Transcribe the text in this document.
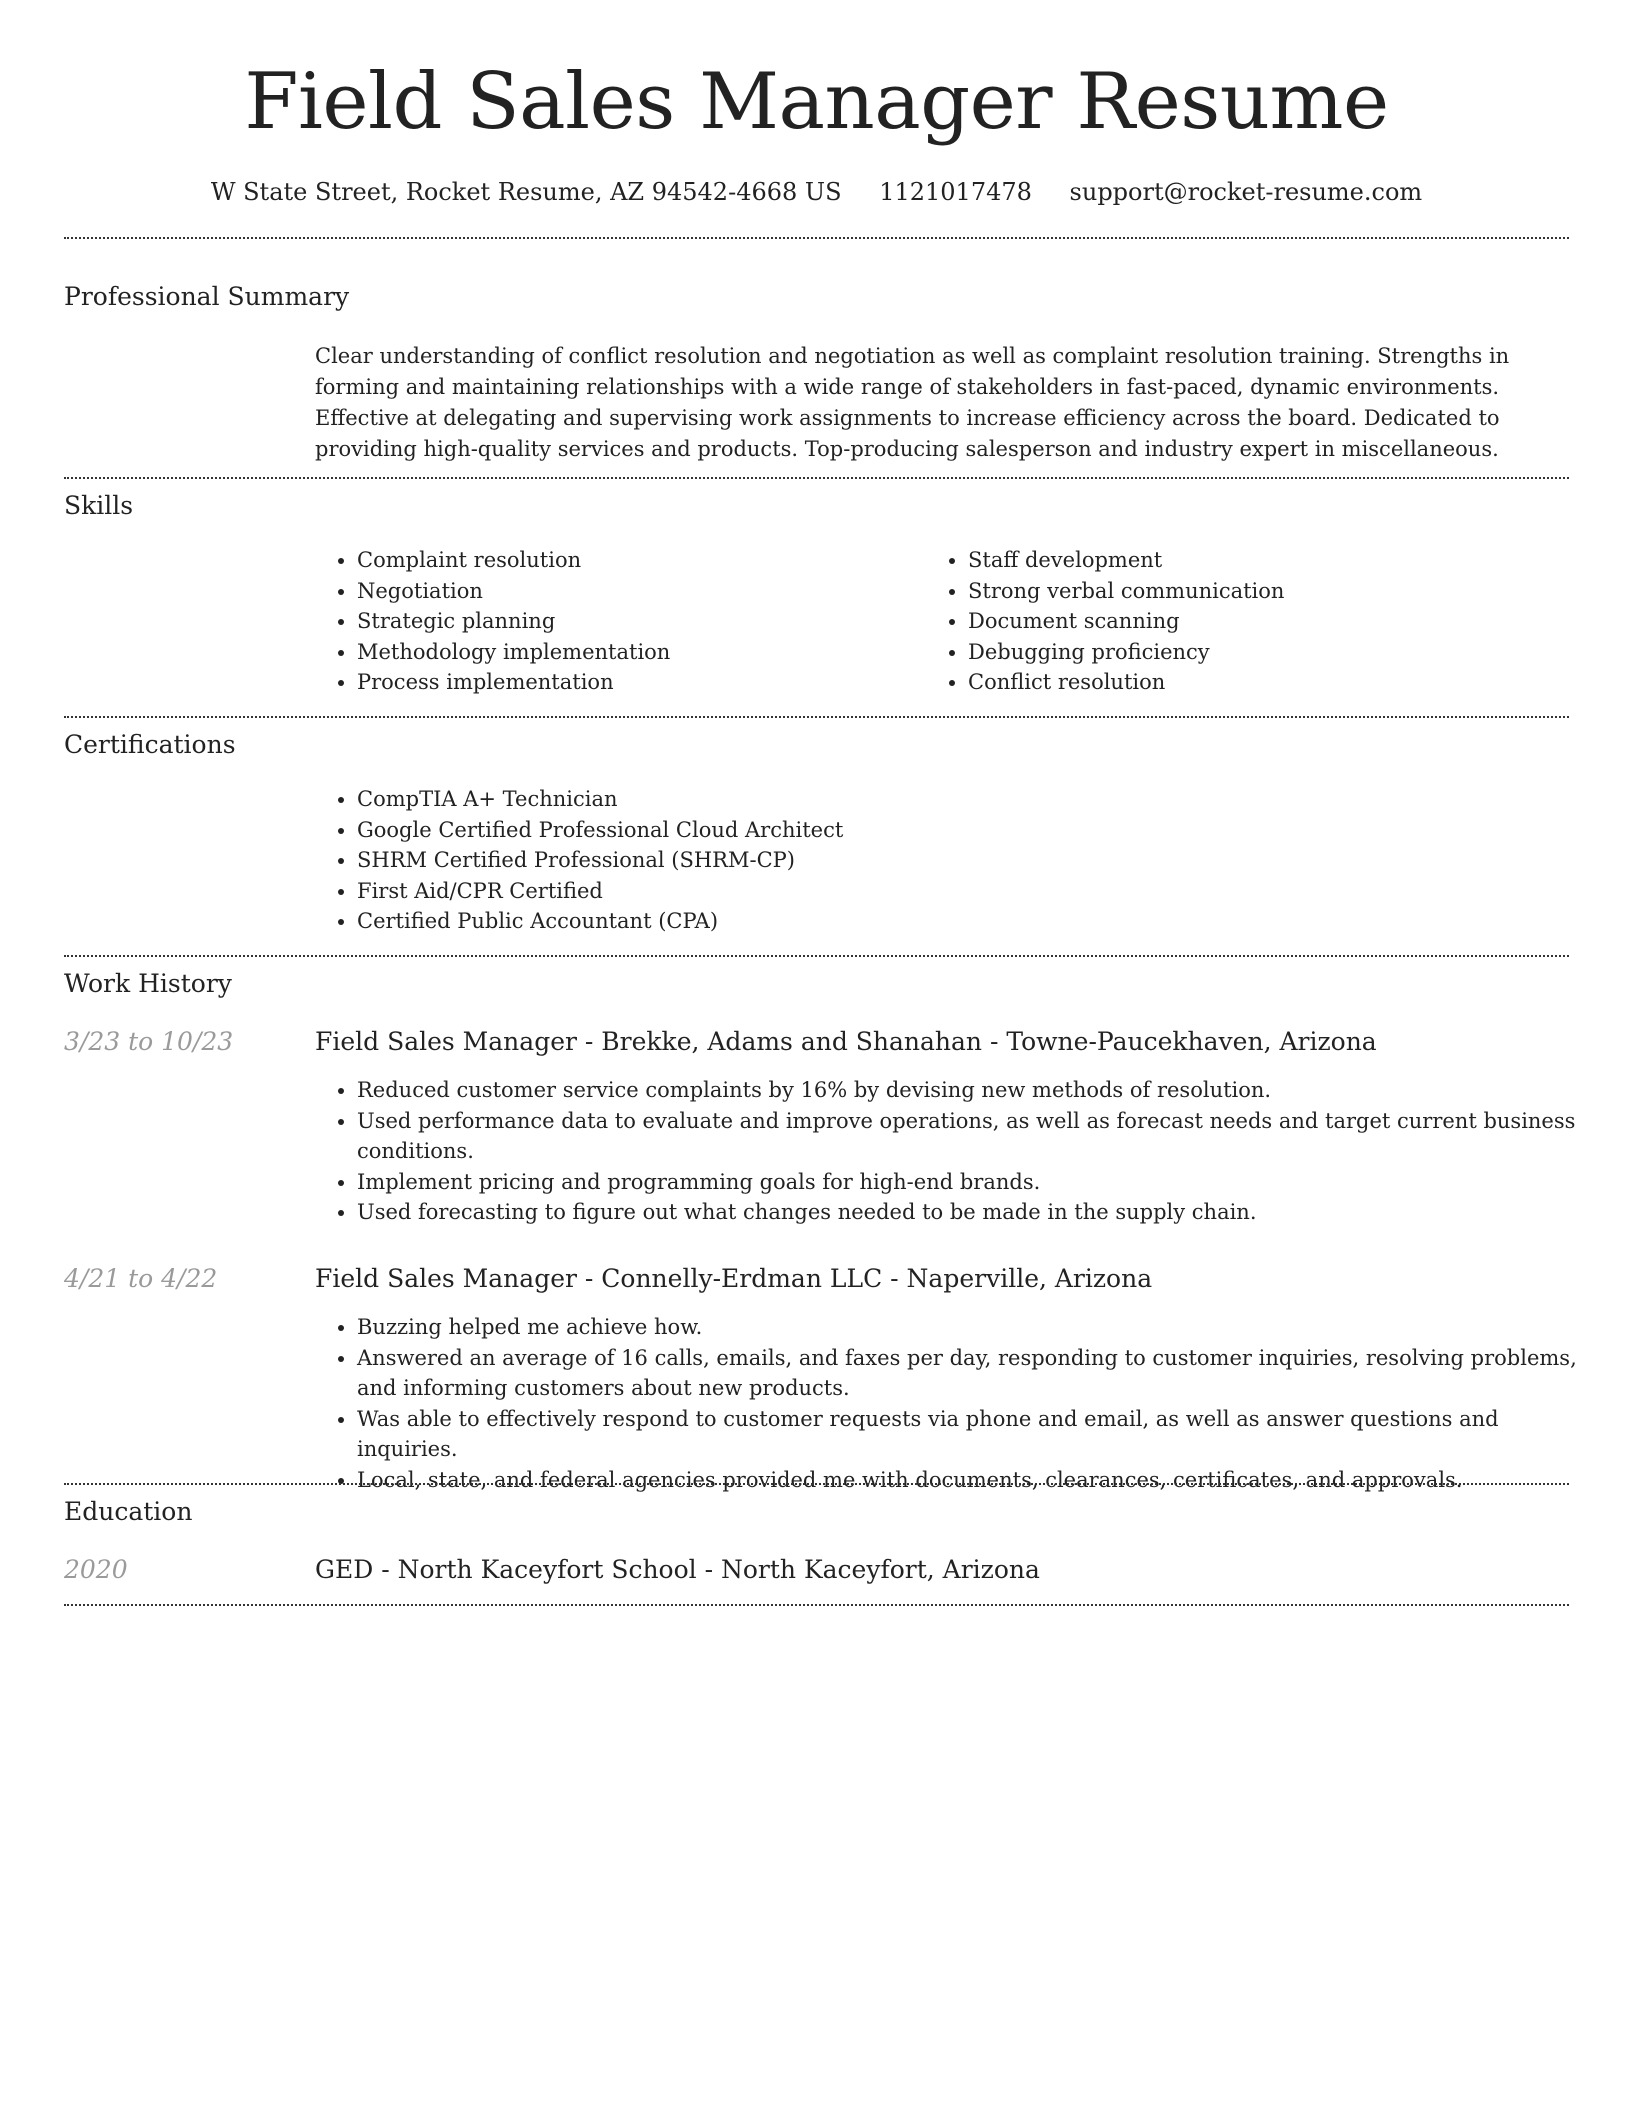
Field Sales Manager Resume
W State Street, Rocket Resume, AZ 94542-4668 US 1121017478 support@rocket-resume.com
Professional Summary

Clear understanding of conflict resolution and negotiation as well as complaint resolution training. Strengths in forming and maintaining relationships with a wide range of stakeholders in fast-paced, dynamic environments. Effective at delegating and supervising work assignments to increase efficiency across the board. Dedicated to providing high-quality services and products. Top-producing salesperson and industry expert in miscellaneous.

Skills
• Complaint resolution
• Negotiation
• Strategic planning
• Methodology implementation
• Process implementation
• Staff development
• Strong verbal communication
• Document scanning
• Debugging proficiency
• Conflict resolution
Certifications
• CompTIA A+ Technician
• Google Certified Professional Cloud Architect
• SHRM Certified Professional (SHRM-CP)
• First Aid/CPR Certified
• Certified Public Accountant (CPA)
Work History
3/23 to 10/23	Field Sales Manager - Brekke, Adams and Shanahan - Towne-Paucekhaven, Arizona
• Reduced customer service complaints by 16% by devising new methods of resolution.
• Used performance data to evaluate and improve operations, as well as forecast needs and target current business conditions.
• Implement pricing and programming goals for high-end brands.
• Used forecasting to figure out what changes needed to be made in the supply chain.
4/21 to 4/22	Field Sales Manager - Connelly-Erdman LLC - Naperville, Arizona
• Buzzing helped me achieve how.
• Answered an average of 16 calls, emails, and faxes per day, responding to customer inquiries, resolving problems, and informing customers about new products.
• Was able to effectively respond to customer requests via phone and email, as well as answer questions and inquiries.
• Local, state, and federal agencies provided me with documents, clearances, certificates, and approvals.
Education
2020	GED - North Kaceyfort School - North Kaceyfort, Arizona
